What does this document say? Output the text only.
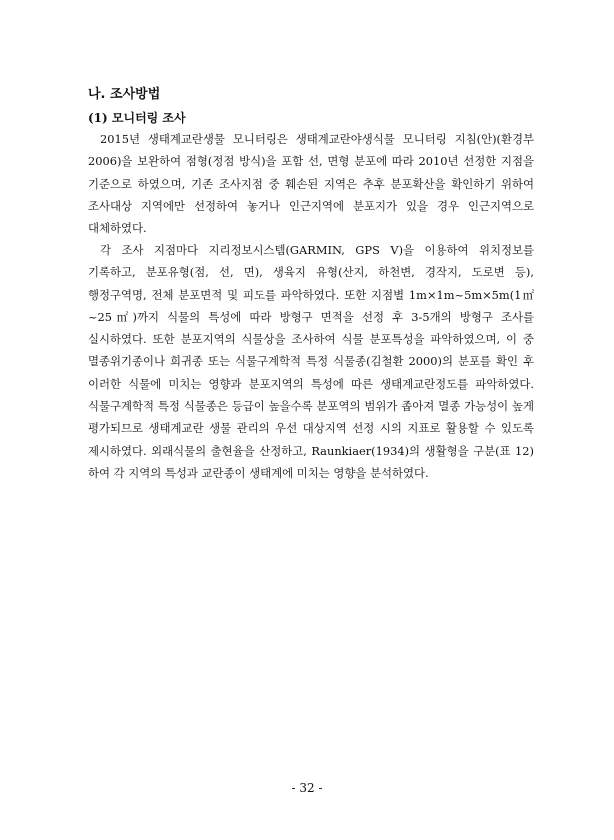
나. 조사방법
(1) 모니터링 조사

2015년 생태계교란생물 모니터링은 생태계교란야생식물 모니터링 지침(안)(환경부 2006)을 보완하여 점형(정점 방식)을 포함 선, 면형 분포에 따라 2010년 선정한 지점을 기준으로 하였으며, 기존 조사지점 중 훼손된 지역은 추후 분포확산을 확인하기 위하여 조사대상 지역에만 선정하여 놓거나 인근지역에 분포지가 있을 경우 인근지역으로 대체하였다.

각 조사 지점마다 지리정보시스템(GARMIN, GPS V)을 이용하여 위치정보를 기록하고, 분포유형(점, 선, 면), 생육지 유형(산지, 하천변, 경작지, 도로변 등), 행정구역명, 전체 분포면적 및 피도를 파악하였다. 또한 지점별 1m×1m~5m×5m(1㎡~25㎡)까지 식물의 특성에 따라 방형구 면적을 선정 후 3-5개의 방형구 조사를 실시하였다. 또한 분포지역의 식물상을 조사하여 식물 분포특성을 파악하였으며, 이 중 멸종위기종이나 희귀종 또는 식물구계학적 특정 식물종(김철환 2000)의 분포를 확인 후 이러한 식물에 미치는 영향과 분포지역의 특성에 따른 생태계교란정도를 파악하였다. 식물구계학적 특정 식물종은 등급이 높을수록 분포역의 범위가 좁아져 멸종 가능성이 높게 평가되므로 생태계교란 생물 관리의 우선 대상지역 선정 시의 지표로 활용할 수 있도록 제시하였다. 외래식물의 출현율을 산정하고, Raunkiaer(1934)의 생활형을 구분(표 12)하여 각 지역의 특성과 교란종이 생태계에 미치는 영향을 분석하였다.

- 32 -
